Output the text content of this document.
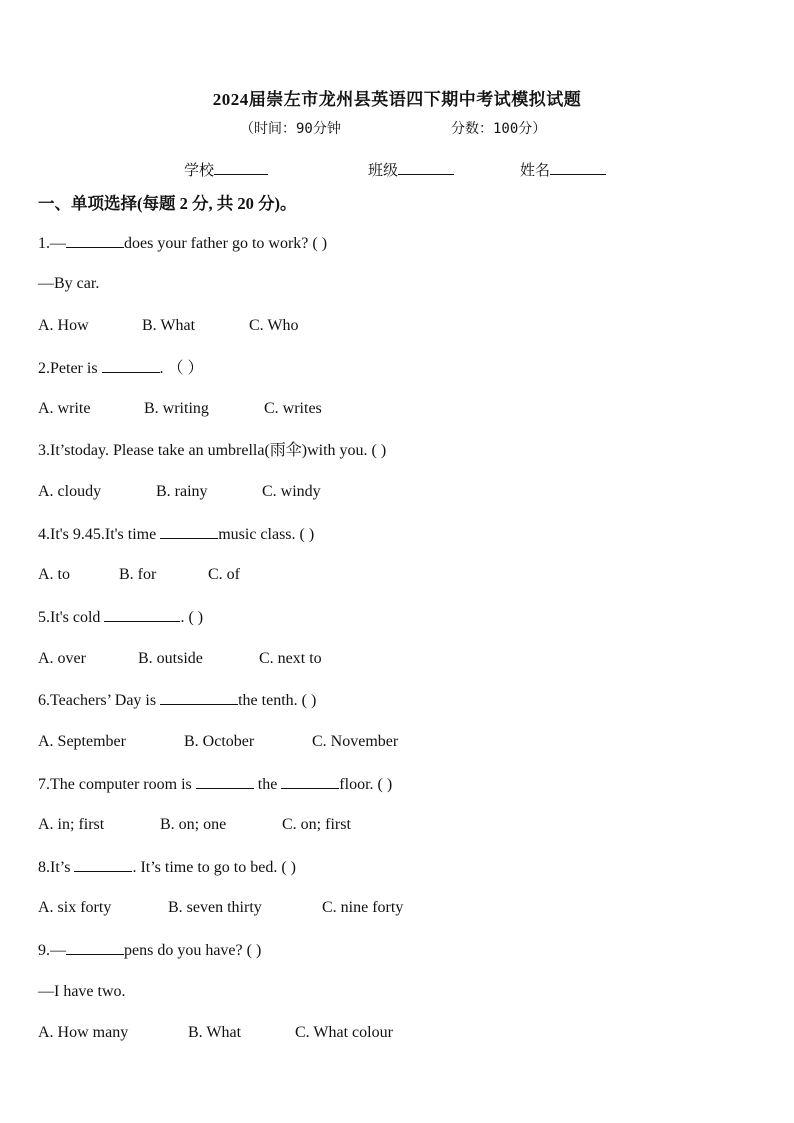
2024届崇左市龙州县英语四下期中考试模拟试题
（时间：90分钟	分数：100分）
学校	班级	姓名
一、单项选择(每题 2 分, 共 20 分)。
1.—	does your father go to work? ( )
—By car.
A. How	B. What	C. Who
2.Peter is	. （ ）
A. write	B. writing	C. writes
3.It’stoday. Please take an umbrella(雨伞)with you. ( )
A. cloudy	B. rainy	C. windy
4.It's 9.45.It's time	music class. ( )
A. to	B. for	C. of
5.It's cold	. ( )
A. over	B. outside	C. next to
6.Teachers’ Day is	the tenth. ( )
A. September	B. October	C. November
7.The computer room is	the	floor. ( )
A. in; first	B. on; one	C. on; first
8.It’s	. It’s time to go to bed. ( )
A. six forty	B. seven thirty	C. nine forty
9.—	pens do you have? ( )
—I have two.
A. How many	B. What	C. What colour
